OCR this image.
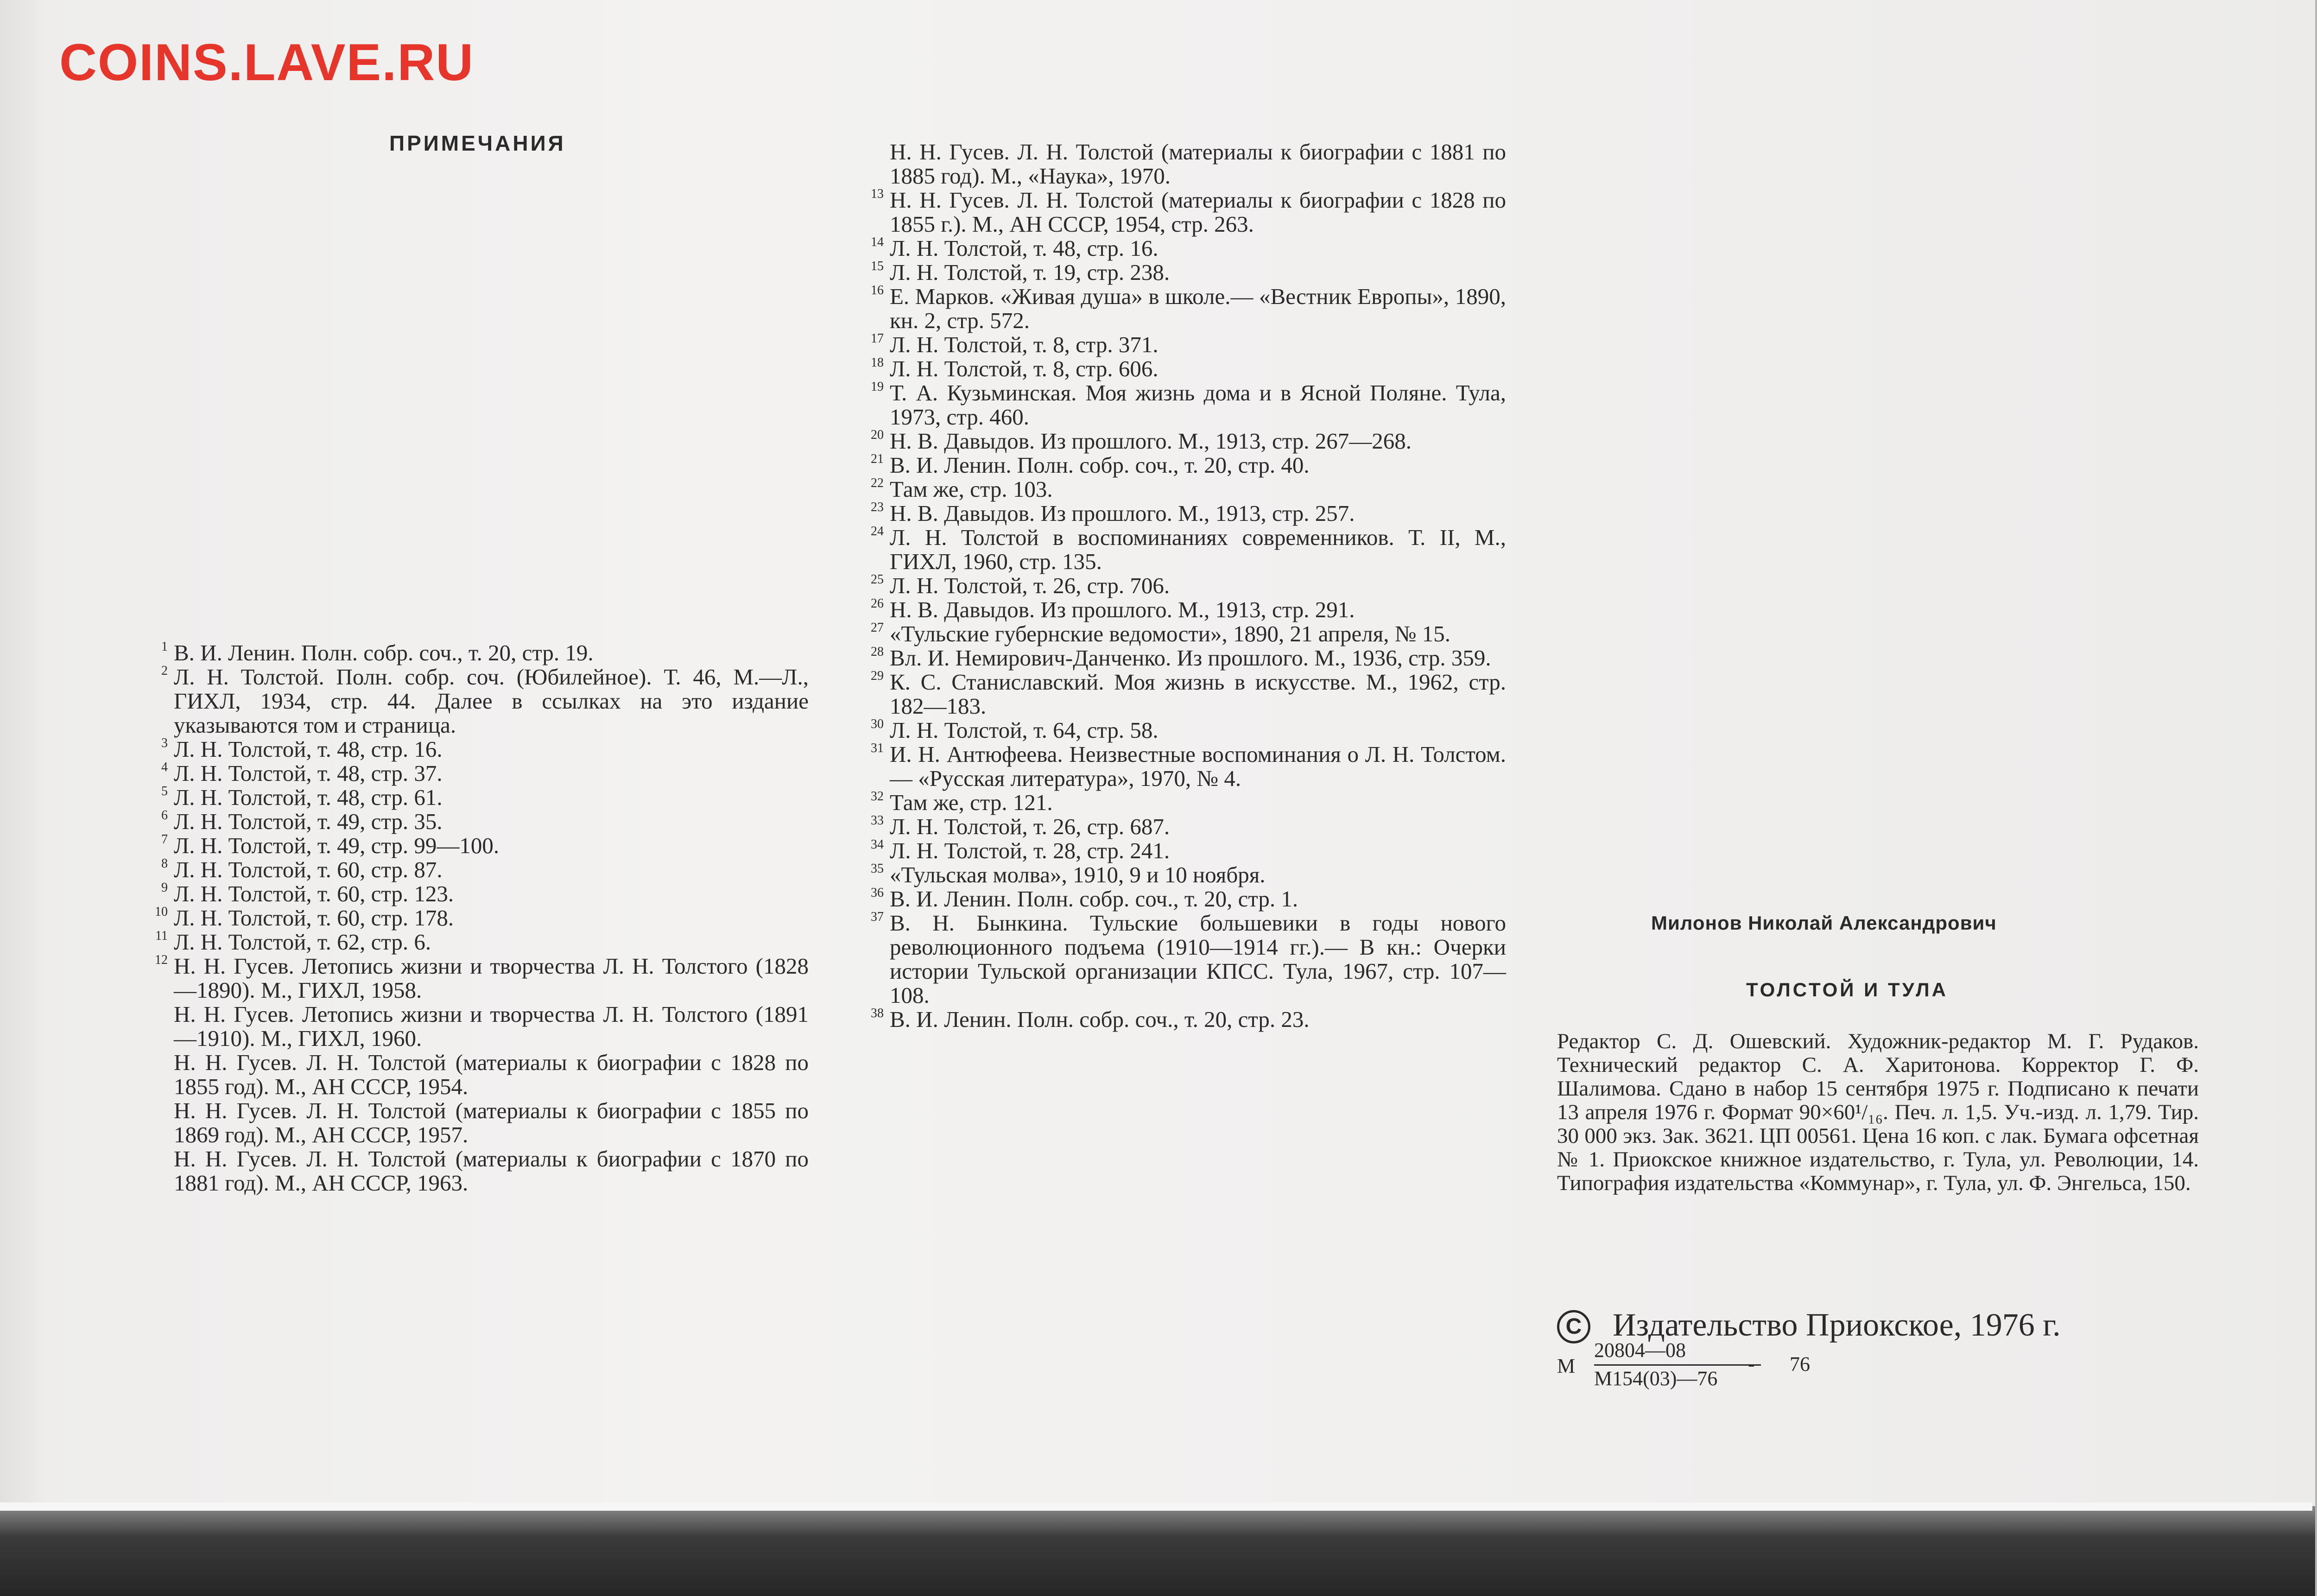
COINS.LAVE.RU
ПРИМЕЧАНИЯ

1 В. И. Ленин. Полн. собр. соч., т. 20, стр. 19.

2 Л. Н. Толстой. Полн. собр. соч. (Юбилейное). Т. 46, М.—Л., ГИХЛ, 1934, стр. 44. Далее в ссылках на это издание указываются том и страница.

3 Л. Н. Толстой, т. 48, стр. 16.

4 Л. Н. Толстой, т. 48, стр. 37.

5 Л. Н. Толстой, т. 48, стр. 61.

6 Л. Н. Толстой, т. 49, стр. 35.

7 Л. Н. Толстой, т. 49, стр. 99—100.

8 Л. Н. Толстой, т. 60, стр. 87.

9 Л. Н. Толстой, т. 60, стр. 123.

10 Л. Н. Толстой, т. 60, стр. 178.

11 Л. Н. Толстой, т. 62, стр. 6.

12 Н. Н. Гусев. Летопись жизни и творчества Л. Н. Толстого (1828—1890). М., ГИХЛ, 1958.

Н. Н. Гусев. Летопись жизни и творчества Л. Н. Толстого (1891—1910). М., ГИХЛ, 1960.

Н. Н. Гусев. Л. Н. Толстой (материалы к биографии с 1828 по 1855 год). М., АН СССР, 1954.

Н. Н. Гусев. Л. Н. Толстой (материалы к биографии с 1855 по 1869 год). М., АН СССР, 1957.

Н. Н. Гусев. Л. Н. Толстой (материалы к биографии с 1870 по 1881 год). М., АН СССР, 1963.

Н. Н. Гусев. Л. Н. Толстой (материалы к биографии с 1881 по 1885 год). М., «Наука», 1970.

13 Н. Н. Гусев. Л. Н. Толстой (материалы к биографии с 1828 по 1855 г.). М., АН СССР, 1954, стр. 263.

14 Л. Н. Толстой, т. 48, стр. 16.

15 Л. Н. Толстой, т. 19, стр. 238.

16 Е. Марков. «Живая душа» в школе.— «Вестник Европы», 1890, кн. 2, стр. 572.

17 Л. Н. Толстой, т. 8, стр. 371.

18 Л. Н. Толстой, т. 8, стр. 606.

19 Т. А. Кузьминская. Моя жизнь дома и в Ясной Поляне. Тула, 1973, стр. 460.

20 Н. В. Давыдов. Из прошлого. М., 1913, стр. 267—268.

21 В. И. Ленин. Полн. собр. соч., т. 20, стр. 40.

22 Там же, стр. 103.

23 Н. В. Давыдов. Из прошлого. М., 1913, стр. 257.

24 Л. Н. Толстой в воспоминаниях современников. Т. II, М., ГИХЛ, 1960, стр. 135.

25 Л. Н. Толстой, т. 26, стр. 706.

26 Н. В. Давыдов. Из прошлого. М., 1913, стр. 291.

27 «Тульские губернские ведомости», 1890, 21 апреля, № 15.

28 Вл. И. Немирович-Данченко. Из прошлого. М., 1936, стр. 359.

29 К. С. Станиславский. Моя жизнь в искусстве. М., 1962, стр. 182—183.

30 Л. Н. Толстой, т. 64, стр. 58.

31 И. Н. Антюфеева. Неизвестные воспоминания о Л. Н. Толстом.— «Русская литература», 1970, № 4.

32 Там же, стр. 121.

33 Л. Н. Толстой, т. 26, стр. 687.

34 Л. Н. Толстой, т. 28, стр. 241.

35 «Тульская молва», 1910, 9 и 10 ноября.

36 В. И. Ленин. Полн. собр. соч., т. 20, стр. 1.

37 В. Н. Бынкина. Тульские большевики в годы нового революционного подъема (1910—1914 гг.).— В кн.: Очерки истории Тульской организации КПСС. Тула, 1967, стр. 107—108.

38 В. И. Ленин. Полн. собр. соч., т. 20, стр. 23.

Милонов Николай Александрович
ТОЛСТОЙ И ТУЛА

Редактор С. Д. Ошевский. Художник-редактор М. Г. Рудаков. Технический редактор С. А. Харитонова. Корректор Г. Ф. Шалимова. Сдано в набор 15 сентября 1975 г. Подписано к печати 13 апреля 1976 г. Формат 90×60¹/₁₆. Печ. л. 1,5. Уч.-изд. л. 1,79. Тир. 30 000 экз. Зак. 3621. ЦП 00561. Цена 16 коп. с лак. Бумага офсетная № 1. Приокское книжное издательство, г. Тула, ул. Революции, 14. Типография издательства «Коммунар», г. Тула, ул. Ф. Энгельса, 150.

C Издательство Приокское, 1976 г.
М
20804—08
М154(03)—76
- 76
